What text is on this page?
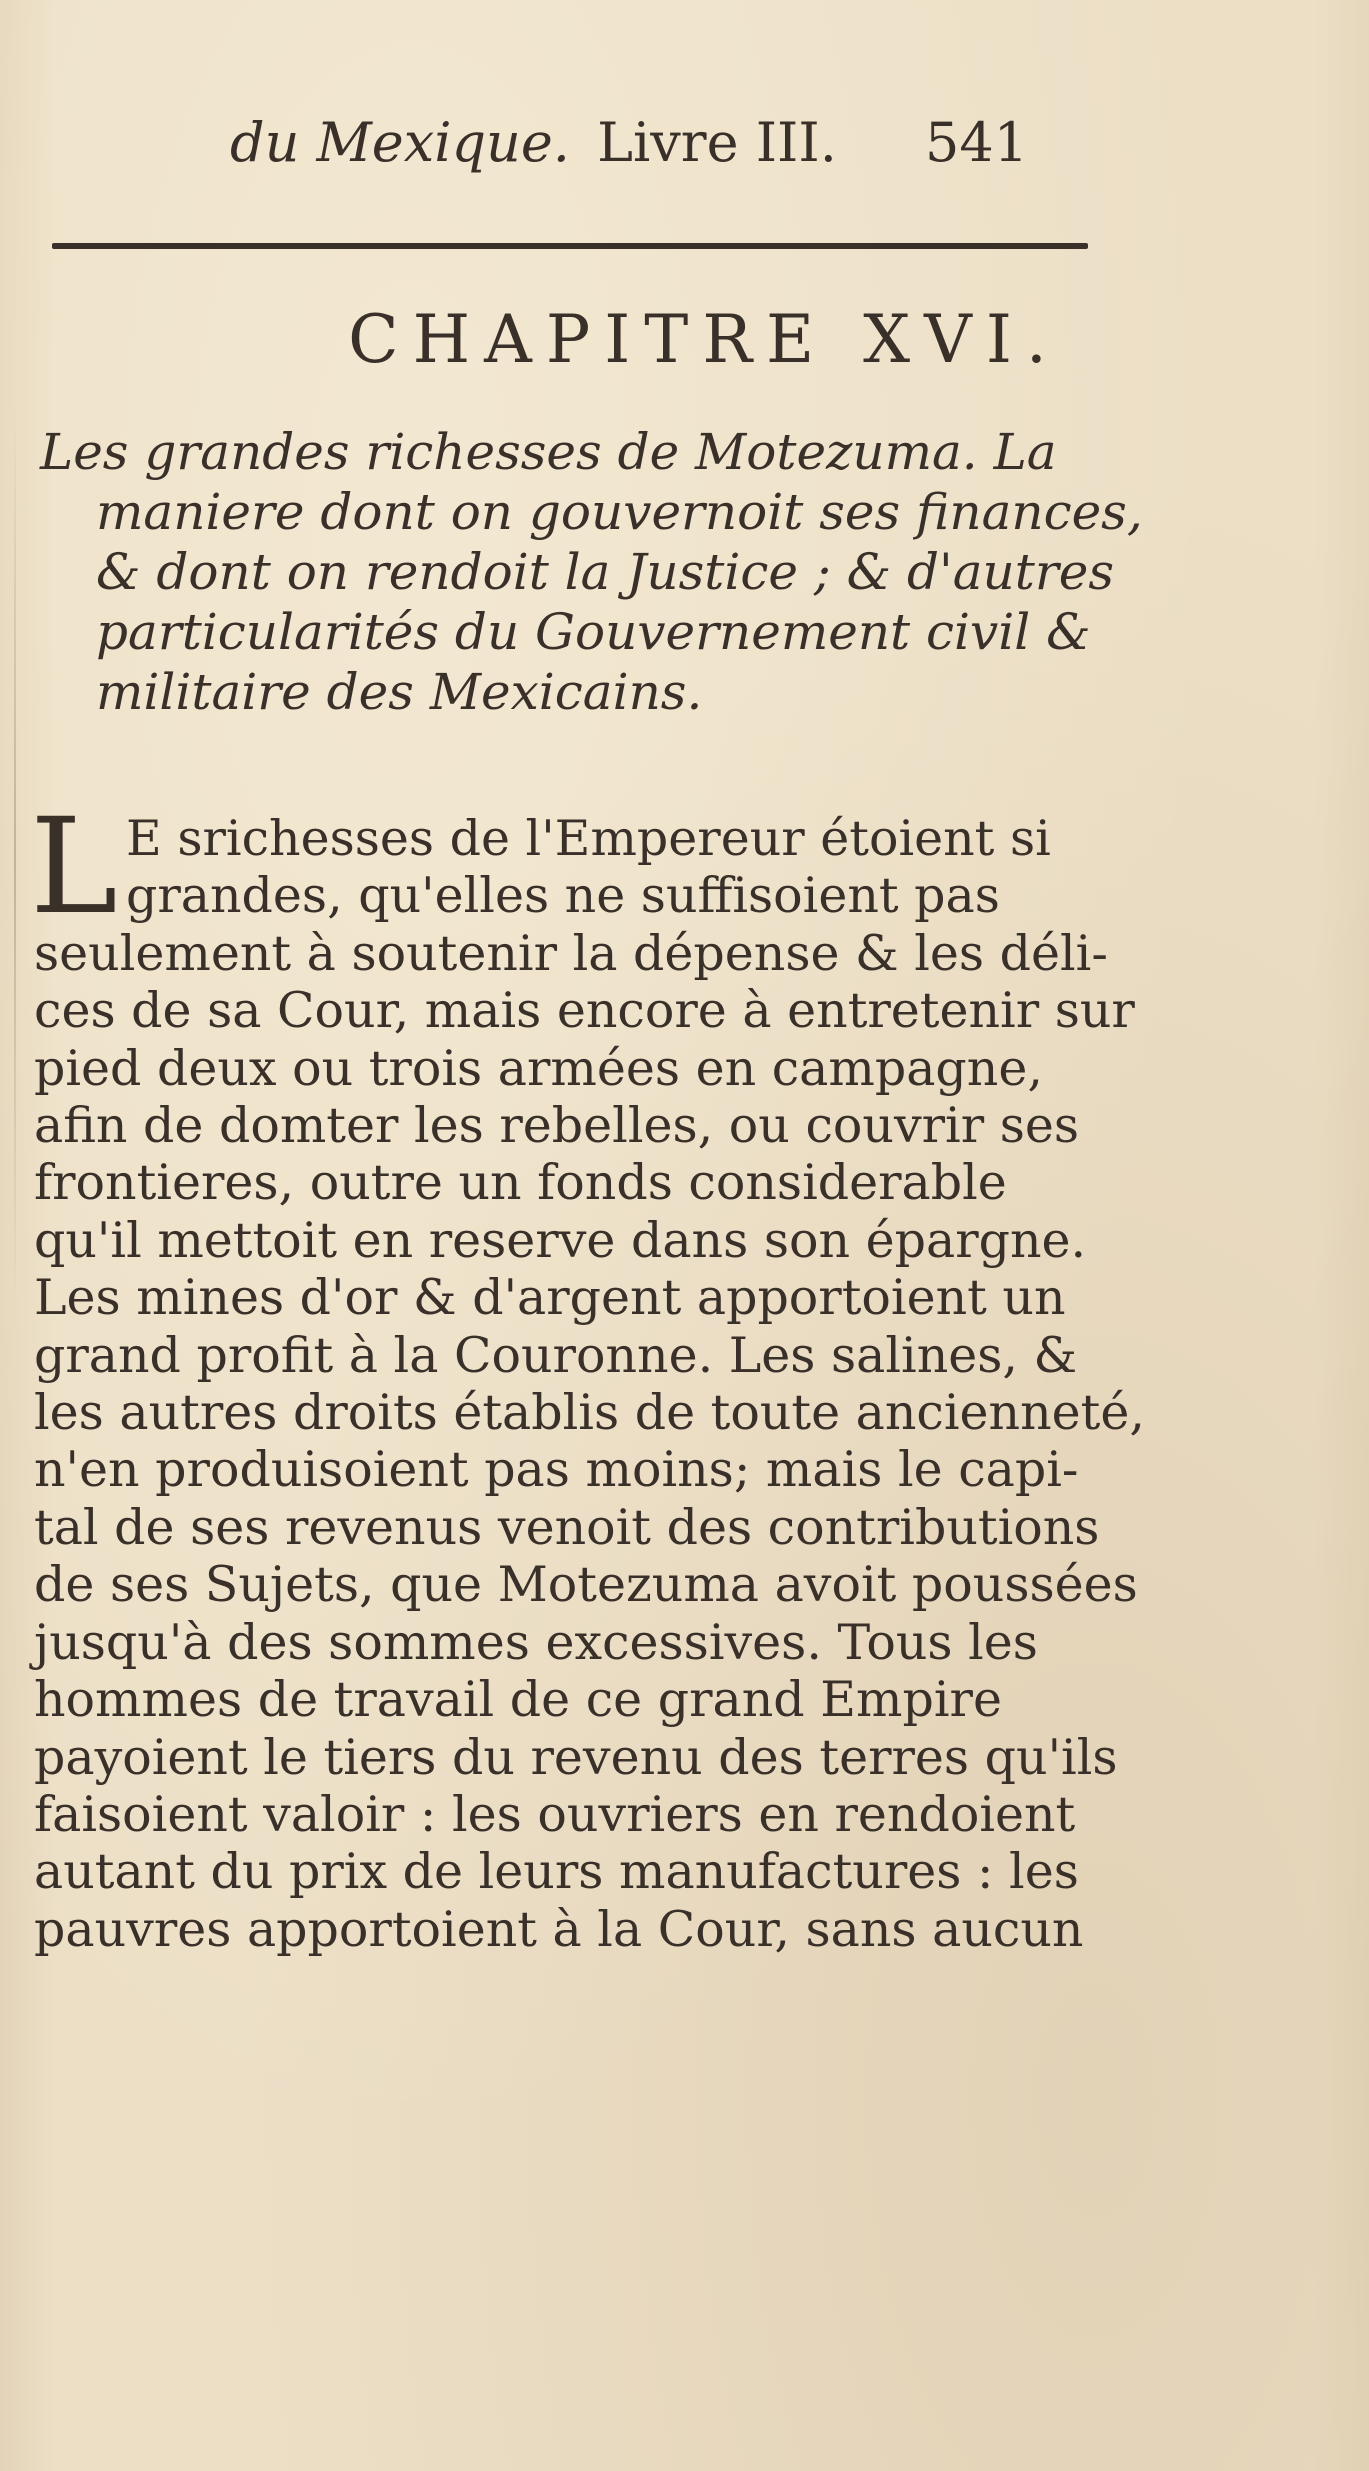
du Mexique. Livre III. 541
CHAPITRE XVI.
Les grandes richesses de Motezuma. La
maniere dont on gouvernoit ses finances,
& dont on rendoit la Justice ; & d'autres
particularités du Gouvernement civil &
militaire des Mexicains.
L E srichesses de l'Empereur étoient si
grandes, qu'elles ne suffisoient pas
seulement à soutenir la dépense & les déli-
ces de sa Cour, mais encore à entretenir sur
pied deux ou trois armées en campagne,
afin de domter les rebelles, ou couvrir ses
frontieres, outre un fonds considerable
qu'il mettoit en reserve dans son épargne.
Les mines d'or & d'argent apportoient un
grand profit à la Couronne. Les salines, &
les autres droits établis de toute ancienneté,
n'en produisoient pas moins; mais le capi-
tal de ses revenus venoit des contributions
de ses Sujets, que Motezuma avoit poussées
jusqu'à des sommes excessives. Tous les
hommes de travail de ce grand Empire
payoient le tiers du revenu des terres qu'ils
faisoient valoir : les ouvriers en rendoient
autant du prix de leurs manufactures : les
pauvres apportoient à la Cour, sans aucun
